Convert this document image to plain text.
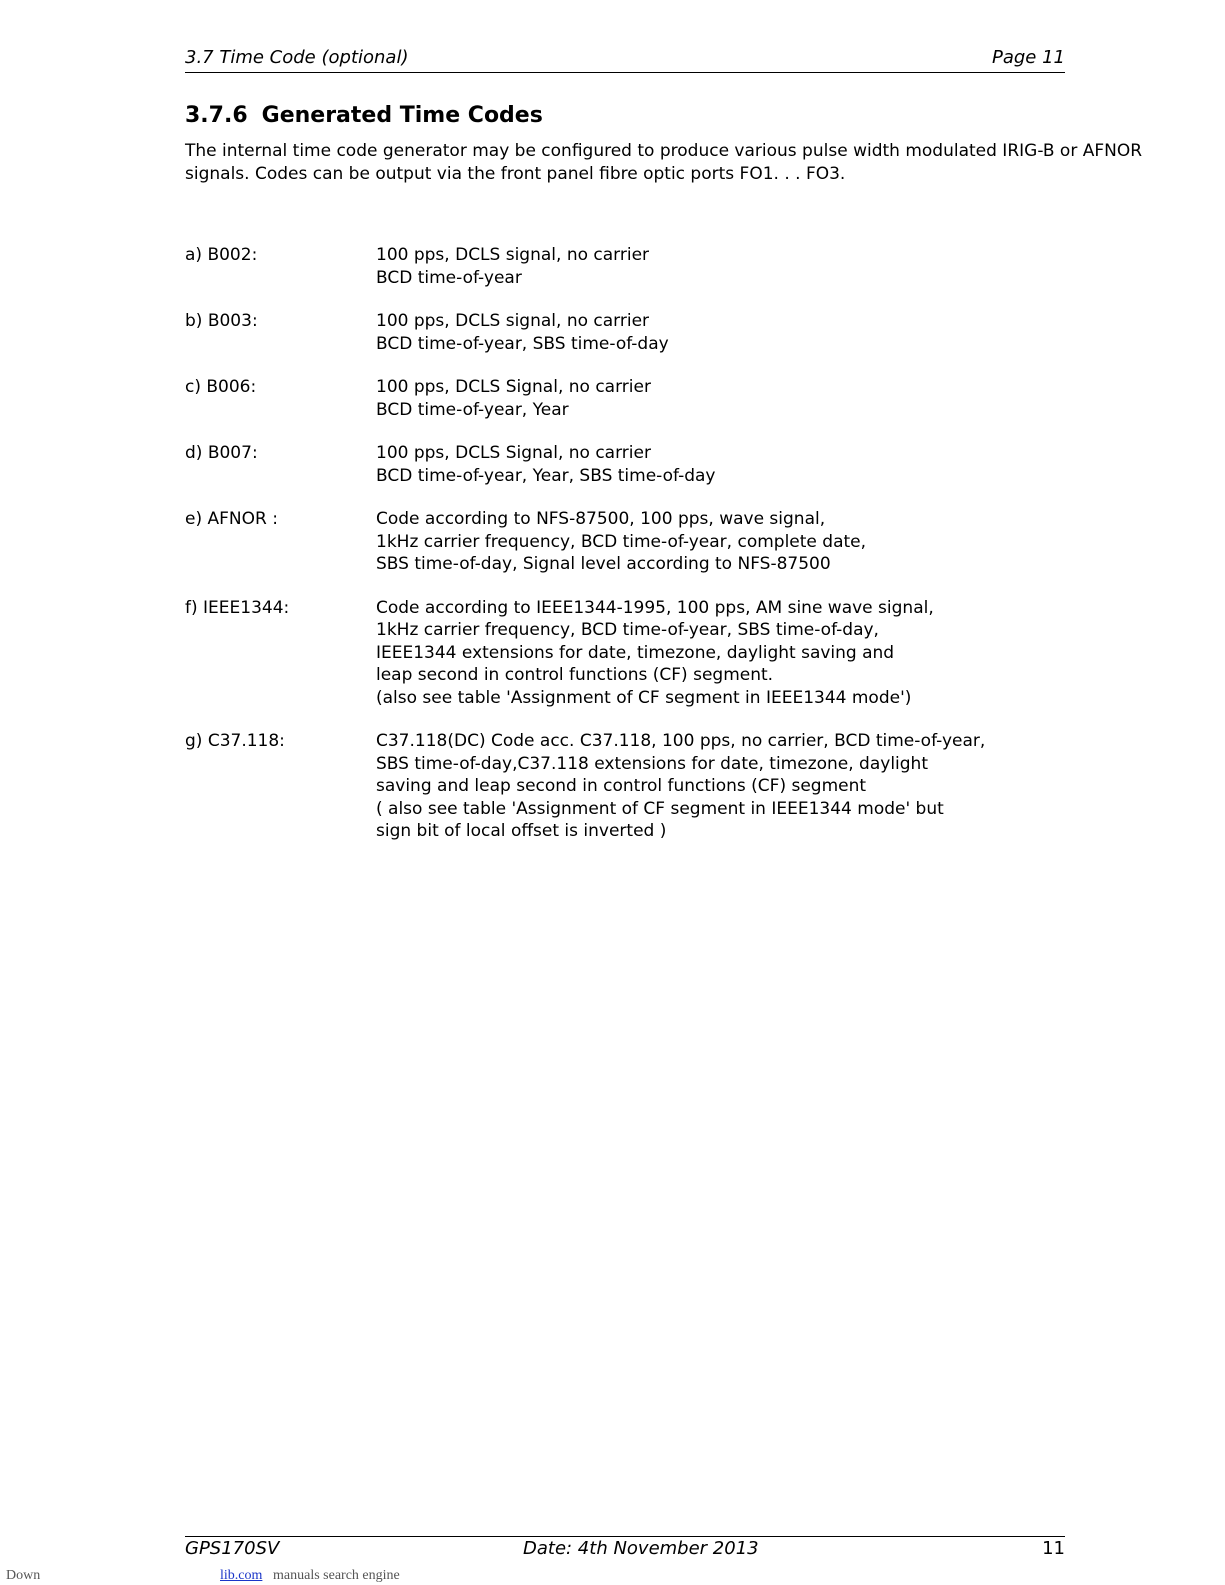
3.7 Time Code (optional)	Page 11
3.7.6 Generated Time Codes
The internal time code generator may be configured to produce various pulse width modulated IRIG-B or AFNOR
signals. Codes can be output via the front panel fibre optic ports FO1. . . FO3.
a) B002:	100 pps, DCLS signal, no carrier
BCD time-of-year
b) B003:	100 pps, DCLS signal, no carrier
BCD time-of-year, SBS time-of-day
c) B006:	100 pps, DCLS Signal, no carrier
BCD time-of-year, Year
d) B007:	100 pps, DCLS Signal, no carrier
BCD time-of-year, Year, SBS time-of-day
e) AFNOR :	Code according to NFS-87500, 100 pps, wave signal,
1kHz carrier frequency, BCD time-of-year, complete date,
SBS time-of-day, Signal level according to NFS-87500
f) IEEE1344:	Code according to IEEE1344-1995, 100 pps, AM sine wave signal,
1kHz carrier frequency, BCD time-of-year, SBS time-of-day,
IEEE1344 extensions for date, timezone, daylight saving and
leap second in control functions (CF) segment.
(also see table 'Assignment of CF segment in IEEE1344 mode')
g) C37.118:	C37.118(DC) Code acc. C37.118, 100 pps, no carrier, BCD time-of-year,
SBS time-of-day,C37.118 extensions for date, timezone, daylight
saving and leap second in control functions (CF) segment
( also see table 'Assignment of CF segment in IEEE1344 mode' but
sign bit of local offset is inverted )
GPS170SV	Date: 4th November 2013	11
Down	lib.com manuals search engine
